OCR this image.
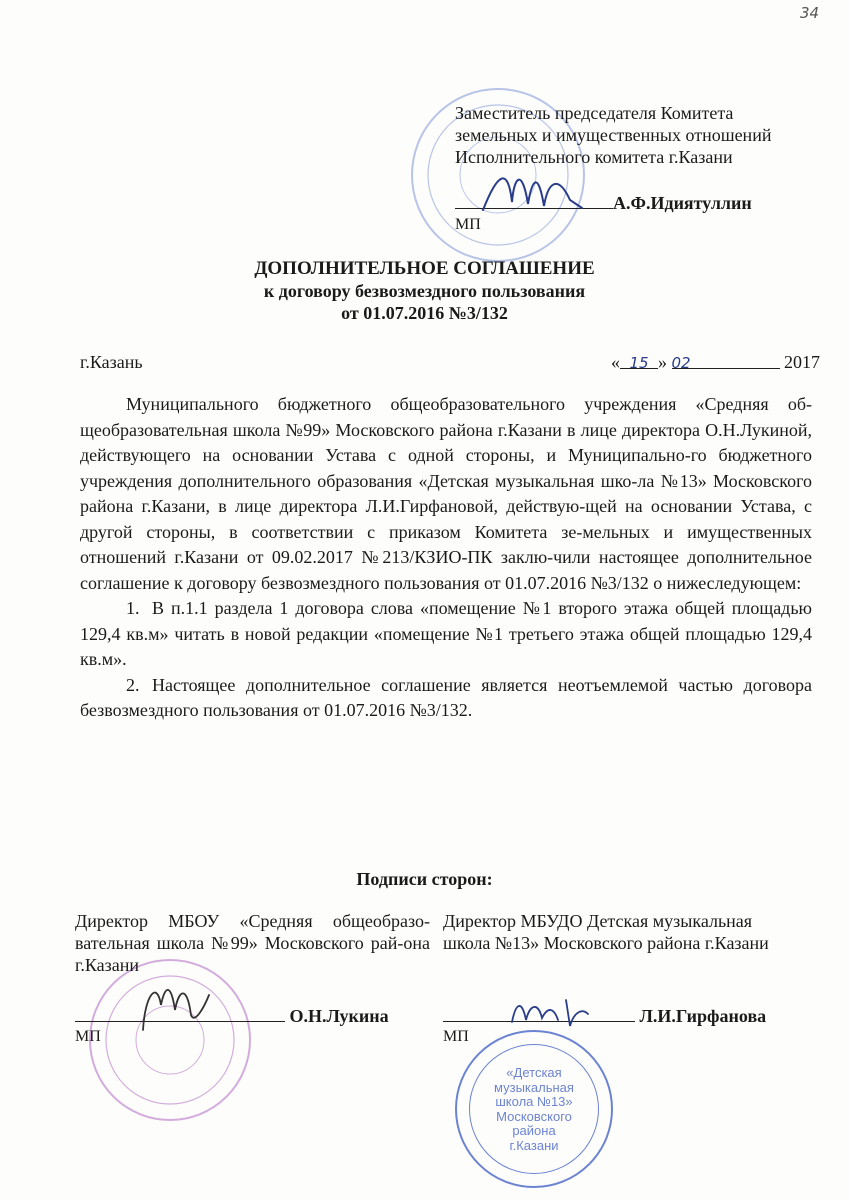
34
Заместитель председателя Комитета
земельных и имущественных отношений
Исполнительного комитета г.Казани
А.Ф.Идиятуллин
МП
ДОПОЛНИТЕЛЬНОЕ СОГЛАШЕНИЕ
к договору безвозмездного пользования
от 01.07.2016 №3/132
г.Казань	« 15 » 02	2017

Муниципального бюджетного общеобразовательного учреждения «Средняя об-щеобразовательная школа №99» Московского района г.Казани в лице директора О.Н.Лукиной, действующего на основании Устава с одной стороны, и Муниципально-го бюджетного учреждения дополнительного образования «Детская музыкальная шко-ла №13» Московского района г.Казани, в лице директора Л.И.Гирфановой, действую-щей на основании Устава, с другой стороны, в соответствии с приказом Комитета зе-мельных и имущественных отношений г.Казани от 09.02.2017 №213/КЗИО-ПК заклю-чили настоящее дополнительное соглашение к договору безвозмездного пользования от 01.07.2016 №3/132 о нижеследующем:

1. В п.1.1 раздела 1 договора слова «помещение №1 второго этажа общей площадью 129,4 кв.м» читать в новой редакции «помещение №1 третьего этажа общей площадью 129,4 кв.м».

2. Настоящее дополнительное соглашение является неотъемлемой частью договора безвозмездного пользования от 01.07.2016 №3/132.

Подписи сторон:
Директор МБОУ «Средняя общеобразо-вательная школа №99» Московского рай-она г.Казани
О.Н.Лукина
МП
Директор МБУДО Детская музыкальная школа №13» Московского района г.Казани
Л.И.Гирфанова
МП
«Детская
музыкальная
школа №13»
Московского
района
г.Казани
